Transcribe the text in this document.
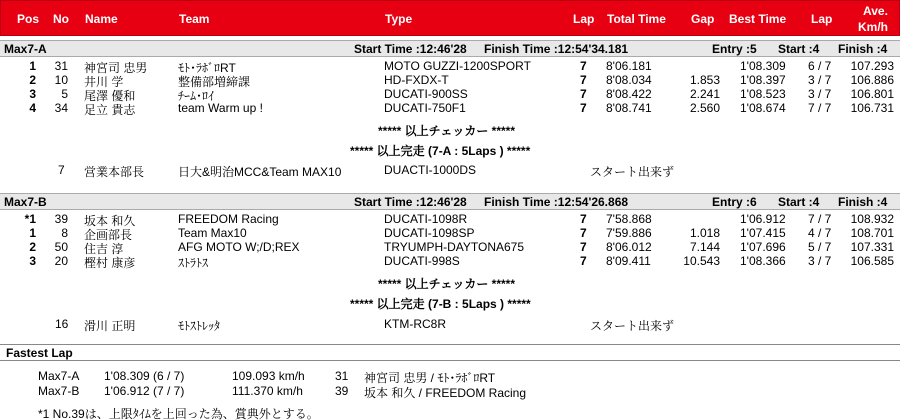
Pos No Name	Team	Type	Lap Total Time Gap Best Time Lap
Ave.
Km/h
Max7-A	Start Time :12:46'28 Finish Time :12:54'34.181	Entry :5 Start :4 Finish :4
1	31 神宮司 忠男	ﾓﾄ･ﾗﾎﾞﾛRT	MOTO GUZZI-1200SPORT	7 8'06.181	1'08.309 6 / 7	107.293
2	10 井川 学	整備部増締課	HD-FXDX-T	7 8'08.034	1.853 1'08.397 3 / 7	106.886
3	5 尾澤 優和	ﾁｰﾑ･ﾛｲ	DUCATI-900SS	7 8'08.422	2.241 1'08.523 3 / 7	106.801
4	34 足立 貴志	team Warm up !	DUCATI-750F1	7 8'08.741	2.560 1'08.674 7 / 7	106.731
***** 以上チェッカー *****
***** 以上完走 (7-A : 5Laps ) *****
7 営業本部長	日大&明治MCC&Team MAX10	DUACTI-1000DS	スタート出来ず
Max7-B	Start Time :12:46'28 Finish Time :12:54'26.868	Entry :6 Start :4 Finish :4
*1	39 坂本 和久	FREEDOM Racing	DUCATI-1098R	7 7'58.868	1'06.912 7 / 7	108.932
1	8 企画部長	Team Max10	DUCATI-1098SP	7 7'59.886	1.018 1'07.415 4 / 7	108.701
2	50 住吉 淳	AFG MOTO W;/D;REX	TRYUMPH-DAYTONA675	7 8'06.012	7.144 1'07.696 5 / 7	107.331
3	20 樫村 康彦	ｽﾄﾗﾄｽ	DUCATI-998S	7 8'09.411	10.543 1'08.366 3 / 7	106.585
***** 以上チェッカー *****
***** 以上完走 (7-B : 5Laps ) *****
16 滑川 正明	ﾓﾄｽﾄﾚｯﾀ	KTM-RC8R	スタート出来ず
Fastest Lap
Max7-A 1'08.309 (6 / 7)	109.093 km/h	31 神宮司 忠男 / ﾓﾄ･ﾗﾎﾞﾛRT
Max7-B 1'06.912 (7 / 7)	111.370 km/h	39 坂本 和久 / FREEDOM Racing
*1 No.39は、上限ﾀｲﾑを上回った為、賞典外とする。
